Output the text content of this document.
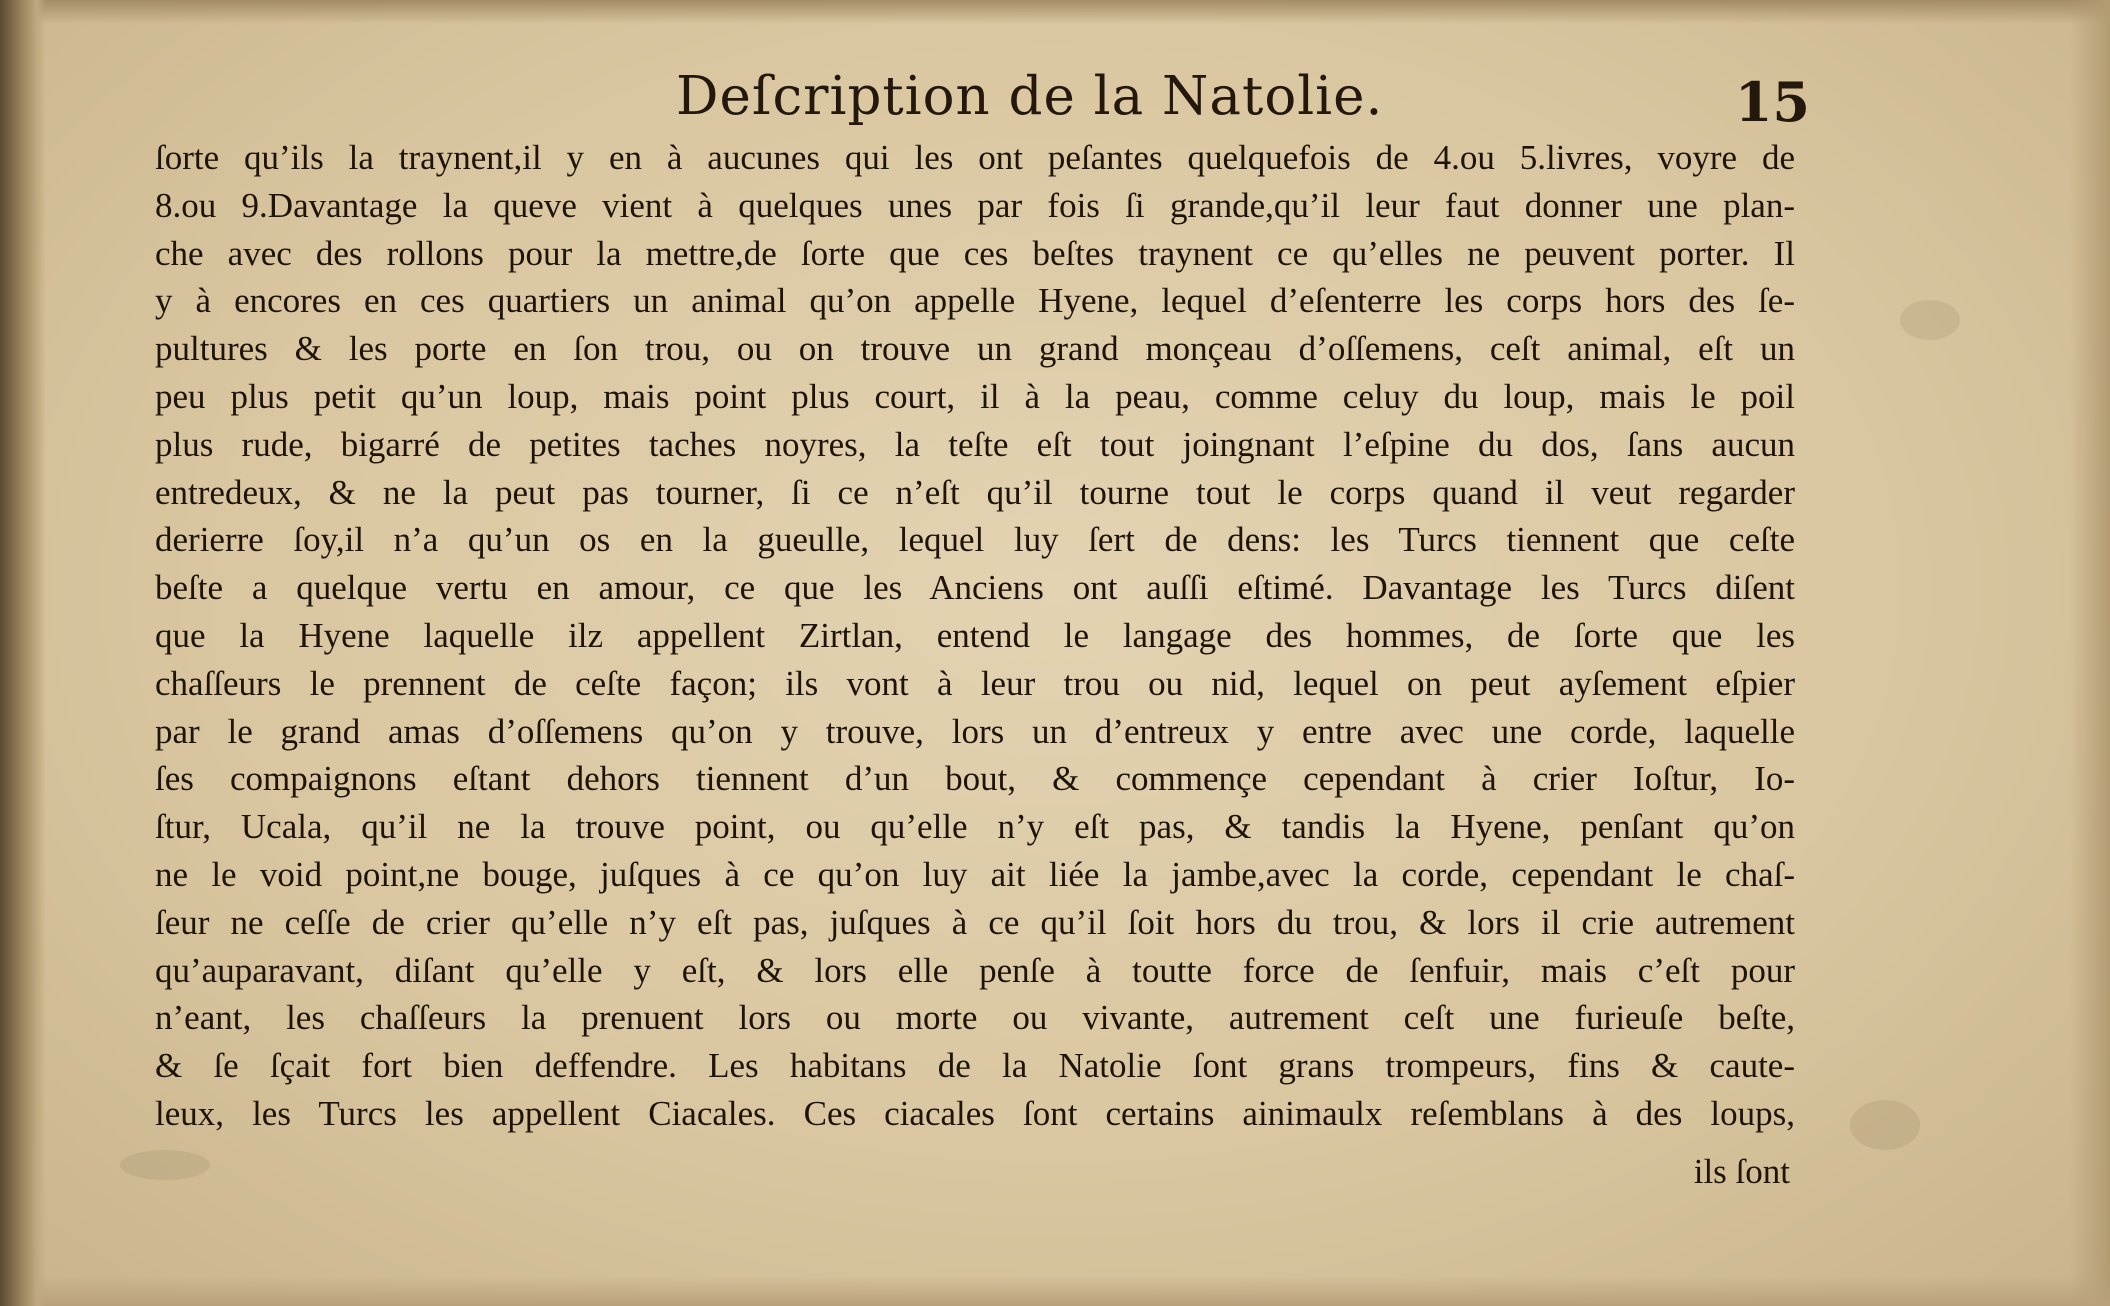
Deſcription de la Natolie.	15
ſorte qu’ils la traynent,il y en à aucunes qui les ont peſantes quelquefois de 4.ou 5.livres, voyre de
8.ou 9.Davantage la queve vient à quelques unes par fois ſi grande,qu’il leur faut donner une plan-
che avec des rollons pour la mettre,de ſorte que ces beſtes traynent ce qu’elles ne peuvent porter. Il
y à encores en ces quartiers un animal qu’on appelle Hyene, lequel d’eſenterre les corps hors des ſe-
pultures & les porte en ſon trou, ou on trouve un grand monçeau d’oſſemens, ceſt animal, eſt un
peu plus petit qu’un loup, mais point plus court, il à la peau, comme celuy du loup, mais le poil
plus rude, bigarré de petites taches noyres, la teſte eſt tout joingnant l’eſpine du dos, ſans aucun
entredeux, & ne la peut pas tourner, ſi ce n’eſt qu’il tourne tout le corps quand il veut regarder
derierre ſoy,il n’a qu’un os en la gueulle, lequel luy ſert de dens: les Turcs tiennent que ceſte
beſte a quelque vertu en amour, ce que les Anciens ont auſſi eſtimé. Davantage les Turcs diſent
que la Hyene laquelle ilz appellent Zirtlan, entend le langage des hommes, de ſorte que les
chaſſeurs le prennent de ceſte façon; ils vont à leur trou ou nid, lequel on peut ayſement eſpier
par le grand amas d’oſſemens qu’on y trouve, lors un d’entreux y entre avec une corde, laquelle
ſes compaignons eſtant dehors tiennent d’un bout, & commençe cependant à crier Ioſtur, Io-
ſtur, Ucala, qu’il ne la trouve point, ou qu’elle n’y eſt pas, & tandis la Hyene, penſant qu’on
ne le void point,ne bouge, juſques à ce qu’on luy ait liée la jambe,avec la corde, cependant le chaſ-
ſeur ne ceſſe de crier qu’elle n’y eſt pas, juſques à ce qu’il ſoit hors du trou, & lors il crie autrement
qu’auparavant, diſant qu’elle y eſt, & lors elle penſe à toutte force de ſenfuir, mais c’eſt pour
n’eant, les chaſſeurs la prenuent lors ou morte ou vivante, autrement ceſt une furieuſe beſte,
& ſe ſçait fort bien deffendre. Les habitans de la Natolie ſont grans trompeurs, fins & caute-
leux, les Turcs les appellent Ciacales. Ces ciacales ſont certains ainimaulx reſemblans à des loups,
ils ſont
